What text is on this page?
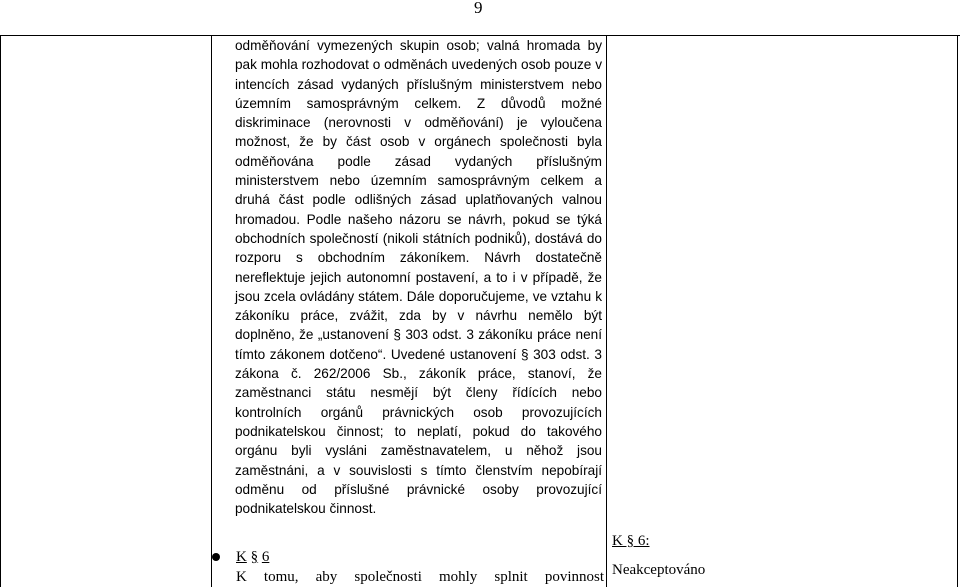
9

odměňování vymezených skupin osob; valná hromada by pak mohla rozhodovat o odměnách uvedených osob pouze v intencích zásad vydaných příslušným ministerstvem nebo územním samosprávným celkem. Z důvodů možné diskriminace (nerovnosti v odměňování) je vyloučena možnost, že by část osob v orgánech společnosti byla odměňována podle zásad vydaných příslušným ministerstvem nebo územním samosprávným celkem a druhá část podle odlišných zásad uplatňovaných valnou hromadou. Podle našeho názoru se návrh, pokud se týká obchodních společností (nikoli státních podniků), dostává do rozporu s obchodním zákoníkem. Návrh dostatečně nereflektuje jejich autonomní postavení, a to i v případě, že jsou zcela ovládány státem. Dále doporučujeme, ve vztahu k zákoníku práce, zvážit, zda by v návrhu nemělo být doplněno, že „ustanovení § 303 odst. 3 zákoníku práce není tímto zákonem dotčeno“. Uvedené ustanovení § 303 odst. 3 zákona č. 262/2006 Sb., zákoník práce, stanoví, že zaměstnanci státu nesmějí být členy řídících nebo kontrolních orgánů právnických osob provozujících podnikatelskou činnost; to neplatí, pokud do takového orgánu byli vysláni zaměstnavatelem, u něhož jsou zaměstnáni, a v souvislosti s tímto členstvím nepobírají odměnu od příslušné právnické osoby provozující podnikatelskou činnost.

K § 6
K tomu, aby společnosti mohly splnit povinnost
K § 6:
Neakceptováno
